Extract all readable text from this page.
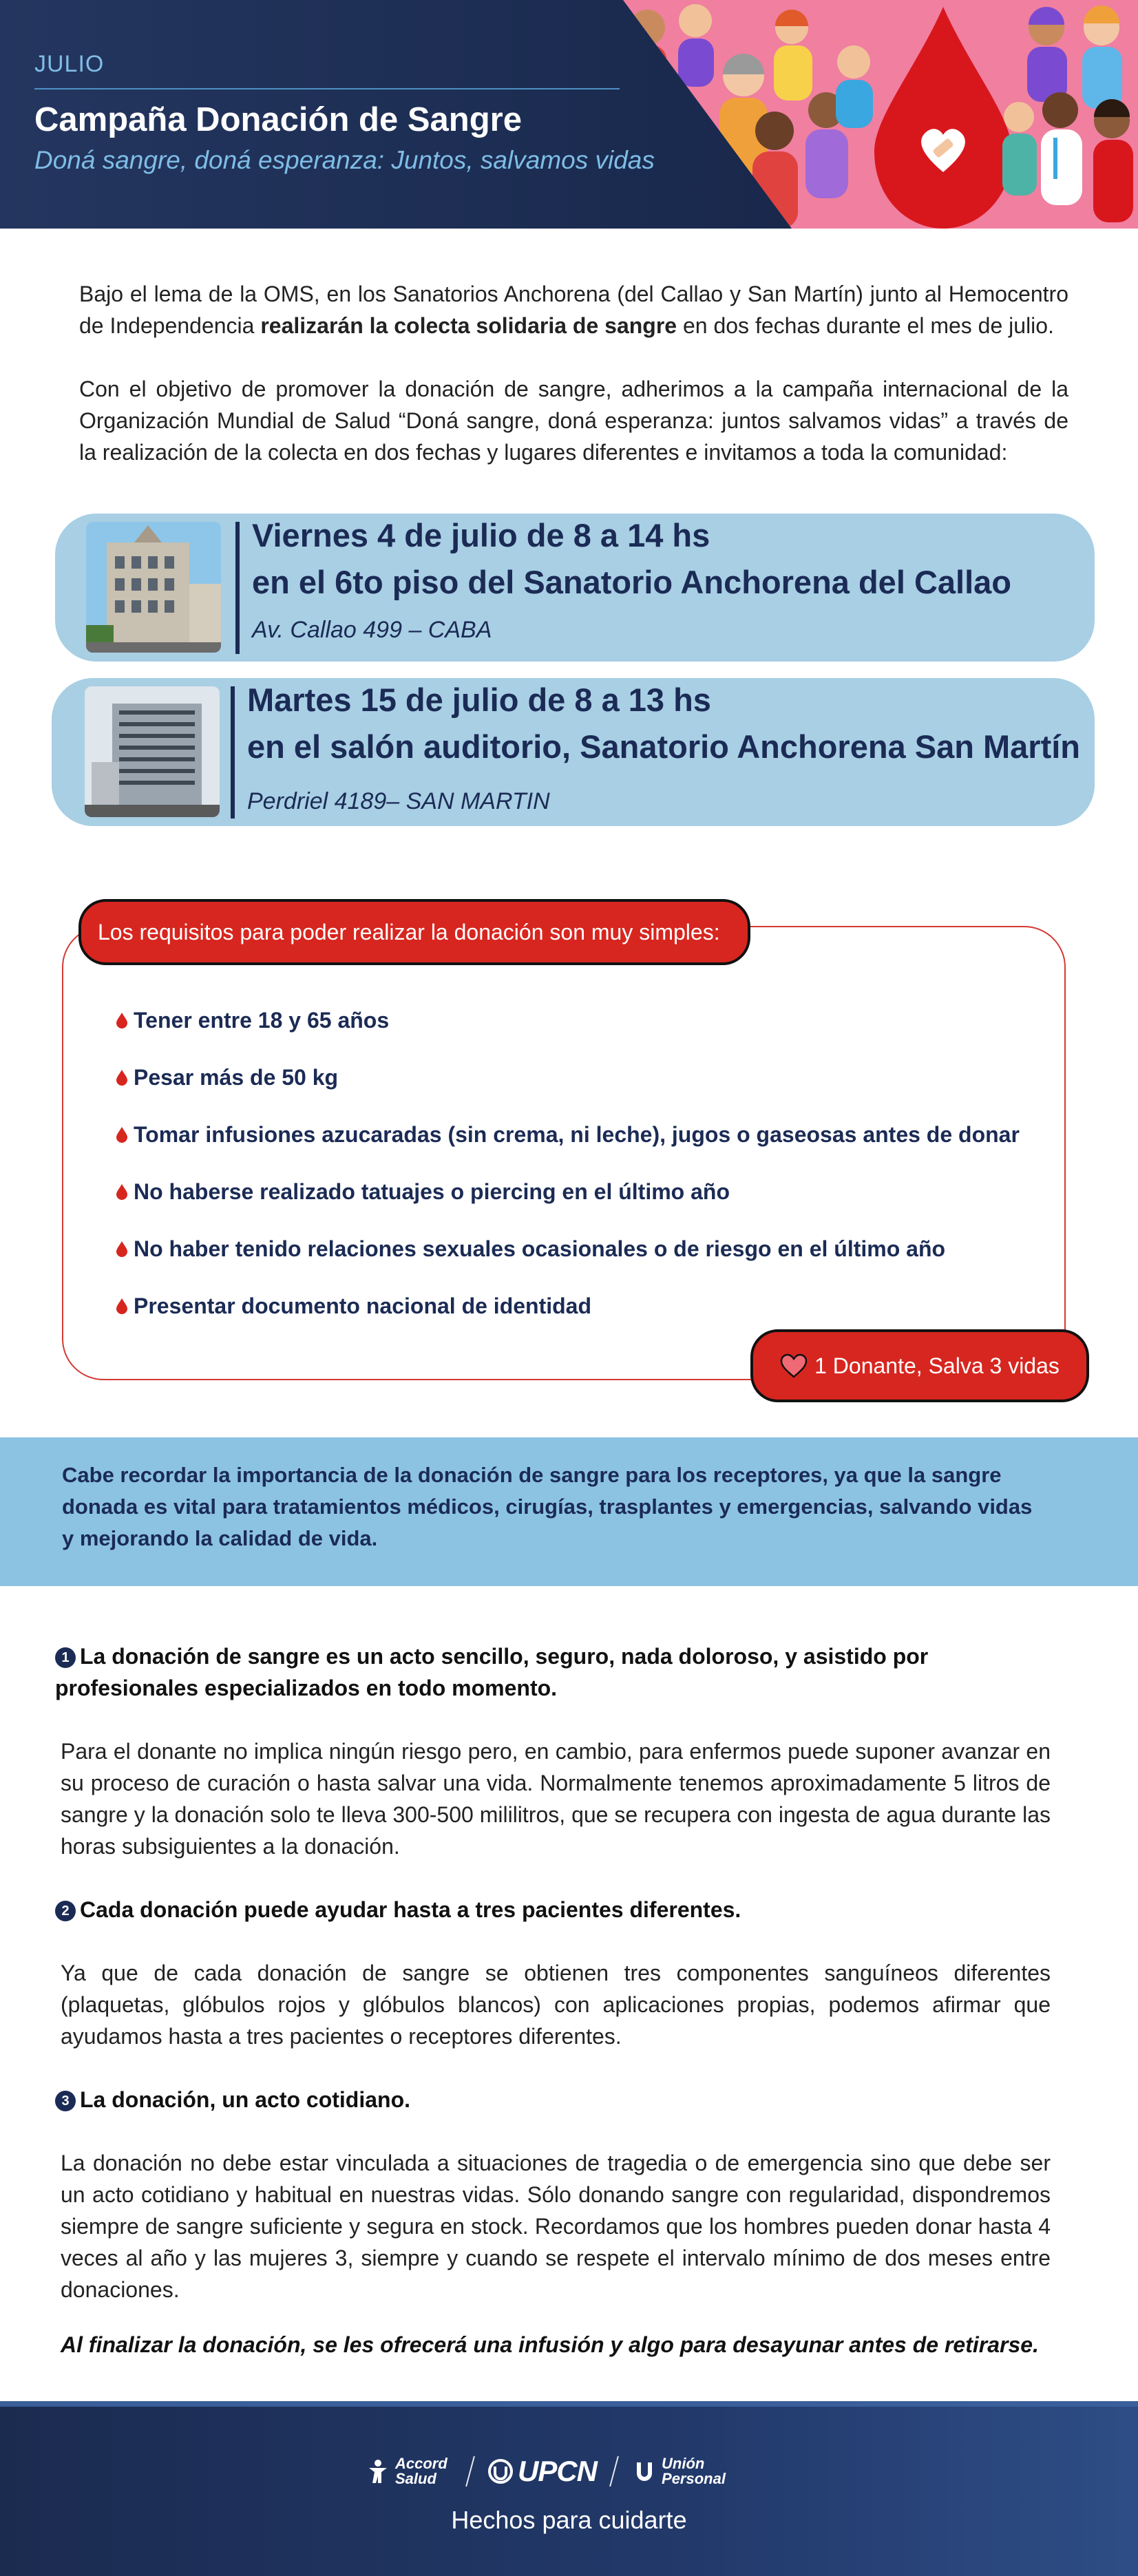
JULIO
Campaña Donación de Sangre
Doná sangre, doná esperanza: Juntos, salvamos vidas

Bajo el lema de la OMS, en los Sanatorios Anchorena (del Callao y San Martín) junto al Hemocentro de Independencia realizarán la colecta solidaria de sangre en dos fechas durante el mes de julio.

Con el objetivo de promover la donación de sangre, adherimos a la campaña internacional de la Organización Mundial de Salud “Doná sangre, doná esperanza: juntos salvamos vidas” a través de la realización de la colecta en dos fechas y lugares diferentes e invitamos a toda la comunidad:

Viernes 4 de julio de 8 a 14 hs
en el 6to piso del Sanatorio Anchorena del Callao
Av. Callao 499 – CABA
Martes 15 de julio de 8 a 13 hs
en el salón auditorio, Sanatorio Anchorena San Martín
Perdriel 4189– SAN MARTIN
Los requisitos para poder realizar la donación son muy simples:
Tener entre 18 y 65 años
Pesar más de 50 kg
Tomar infusiones azucaradas (sin crema, ni leche), jugos o gaseosas antes de donar
No haberse realizado tatuajes o piercing en el último año
No haber tenido relaciones sexuales ocasionales o de riesgo en el último año
Presentar documento nacional de identidad
1 Donante, Salva 3 vidas
Cabe recordar la importancia de la donación de sangre para los receptores, ya que la sangre donada es vital para tratamientos médicos, cirugías, trasplantes y emergencias, salvando vidas y mejorando la calidad de vida.
1 La donación de sangre es un acto sencillo, seguro, nada doloroso, y asistido por profesionales especializados en todo momento.
Para el donante no implica ningún riesgo pero, en cambio, para enfermos puede suponer avanzar en su proceso de curación o hasta salvar una vida. Normalmente tenemos aproximadamente 5 litros de sangre y la donación solo te lleva 300-500 mililitros, que se recupera con ingesta de agua durante las horas subsiguientes a la donación.
2 Cada donación puede ayudar hasta a tres pacientes diferentes.
Ya que de cada donación de sangre se obtienen tres componentes sanguíneos diferentes (plaquetas, glóbulos rojos y glóbulos blancos) con aplicaciones propias, podemos afirmar que ayudamos hasta a tres pacientes o receptores diferentes.
3 La donación, un acto cotidiano.
La donación no debe estar vinculada a situaciones de tragedia o de emergencia sino que debe ser un acto cotidiano y habitual en nuestras vidas. Sólo donando sangre con regularidad, dispondremos siempre de sangre suficiente y segura en stock. Recordamos que los hombres pueden donar hasta 4 veces al año y las mujeres 3, siempre y cuando se respete el intervalo mínimo de dos meses entre donaciones.
Al finalizar la donación, se les ofrecerá una infusión y algo para desayunar antes de retirarse.
Accord Salud	UPCN	Unión Personal
Hechos para cuidarte
